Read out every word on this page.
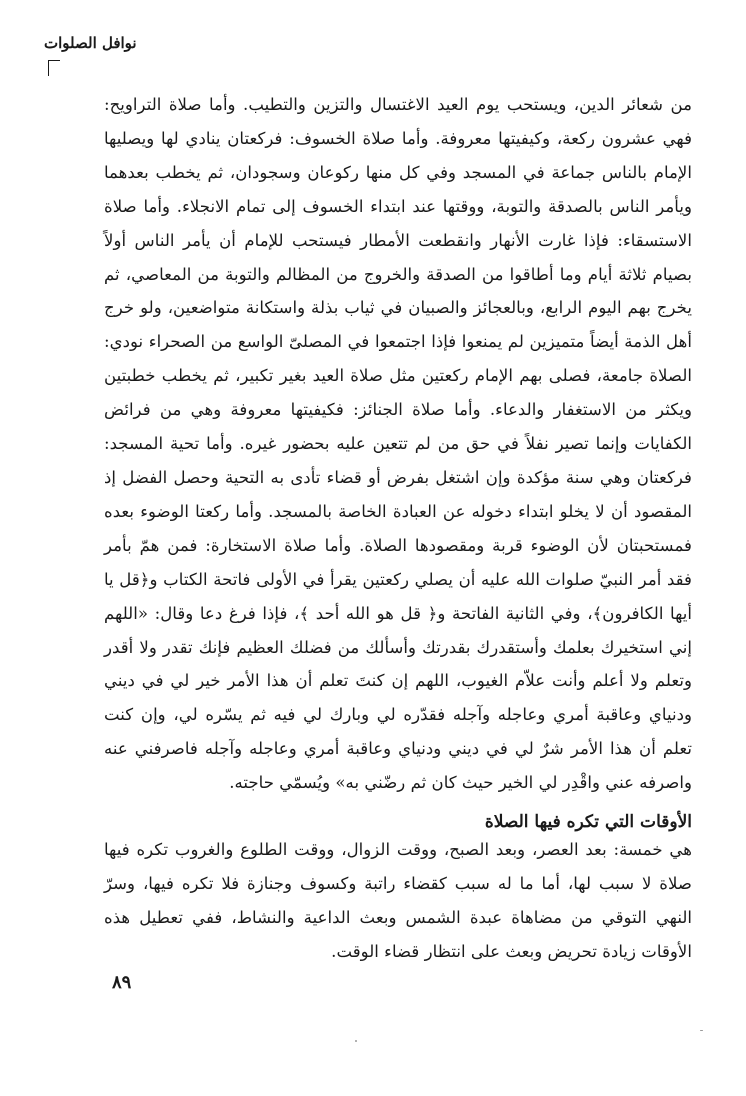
نوافل الصلوات

من شعائر الدين، ويستحب يوم العيد الاغتسال والتزين والتطيب. وأما صلاة التراويح: فهي عشرون ركعة، وكيفيتها معروفة. وأما صلاة الخسوف: فركعتان ينادي لها ويصليها الإمام بالناس جماعة في المسجد وفي كل منها ركوعان وسجودان، ثم يخطب بعدهما ويأمر الناس بالصدقة والتوبة، ووقتها عند ابتداء الخسوف إلى تمام الانجلاء. وأما صلاة الاستسقاء: فإذا غارت الأنهار وانقطعت الأمطار فيستحب للإمام أن يأمر الناس أولاً بصيام ثلاثة أيام وما أطاقوا من الصدقة والخروج من المظالم والتوبة من المعاصي، ثم يخرج بهم اليوم الرابع، وبالعجائز والصبيان في ثياب بذلة واستكانة متواضعين، ولو خرج أهل الذمة أيضاً متميزين لم يمنعوا فإذا اجتمعوا في المصلىّ الواسع من الصحراء نودي: الصلاة جامعة، فصلى بهم الإمام ركعتين مثل صلاة العيد بغير تكبير، ثم يخطب خطبتين ويكثر من الاستغفار والدعاء. وأما صلاة الجنائز: فكيفيتها معروفة وهي من فرائض الكفايات وإنما تصير نفلاً في حق من لم تتعين عليه بحضور غيره. وأما تحية المسجد: فركعتان وهي سنة مؤكدة وإن اشتغل بفرض أو قضاء تأدى به التحية وحصل الفضل إذ المقصود أن لا يخلو ابتداء دخوله عن العبادة الخاصة بالمسجد. وأما ركعتا الوضوء بعده فمستحبتان لأن الوضوء قربة ومقصودها الصلاة. وأما صلاة الاستخارة: فمن همّ بأمر فقد أمر النبيّ صلوات الله عليه أن يصلي ركعتين يقرأ في الأولى فاتحة الكتاب و﴿قل يا أيها الكافرون﴾، وفي الثانية الفاتحة و﴿ قل هو الله أحد ﴾، فإذا فرغ دعا وقال: «اللهم إني استخيرك بعلمك وأستقدرك بقدرتك وأسألك من فضلك العظيم فإنك تقدر ولا أقدر وتعلم ولا أعلم وأنت علاّم الغيوب، اللهم إن كنتَ تعلم أن هذا الأمر خير لي في ديني ودنياي وعاقبة أمري وعاجله وآجله فقدّره لي وبارك لي فيه ثم يسّره لي، وإن كنت تعلم أن هذا الأمر شرٌ لي في ديني ودنياي وعاقبة أمري وعاجله وآجله فاصرفني عنه واصرفه عني واقْدِر لي الخير حيث كان ثم رضّني به» ويُسمّي حاجته.

الأوقات التي تكره فيها الصلاة

هي خمسة: بعد العصر، وبعد الصبح، ووقت الزوال، ووقت الطلوع والغروب تكره فيها صلاة لا سبب لها، أما ما له سبب كقضاء راتبة وكسوف وجنازة فلا تكره فيها، وسرّ النهي التوقي من مضاهاة عبدة الشمس وبعث الداعية والنشاط، ففي تعطيل هذه الأوقات زيادة تحريض وبعث على انتظار قضاء الوقت.

٨٩
